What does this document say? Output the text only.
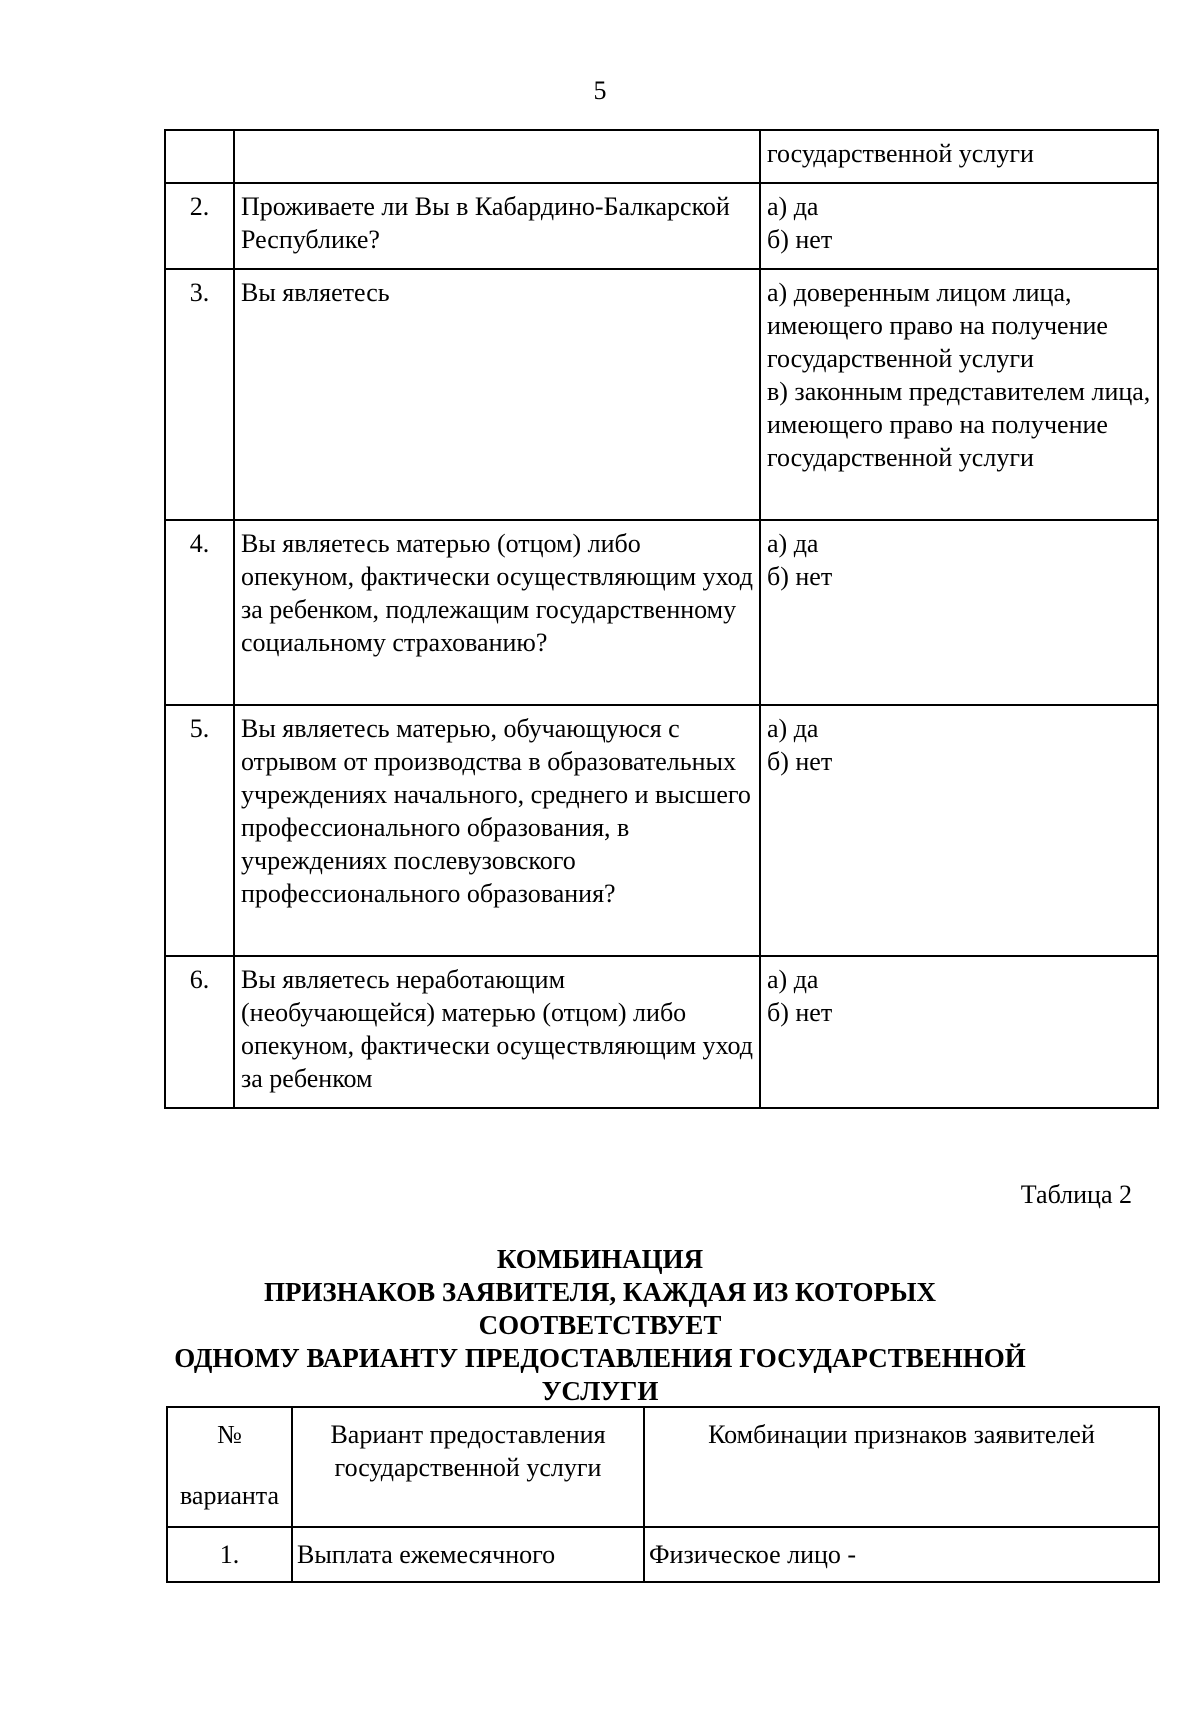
5

		государственной услуги

2.	Проживаете ли Вы в Кабардино-Балкарской Республике?	а) да
б) нет

3.	Вы являетесь	а) доверенным лицом лица, имеющего право на получение государственной услуги
в) законным представителем лица, имеющего право на получение государственной услуги

4.	Вы являетесь матерью (отцом) либо опекуном, фактически осуществляющим уход за ребенком, подлежащим государственному социальному страхованию?	а) да
б) нет

5.	Вы являетесь матерью, обучающуюся с отрывом от производства в образовательных учреждениях начального, среднего и высшего профессионального образования, в учреждениях послевузовского профессионального образования?	а) да
б) нет

6.	Вы являетесь неработающим (необучающейся) матерью (отцом) либо опекуном, фактически осуществляющим уход за ребенком	а) да
б) нет
Таблица 2
КОМБИНАЦИЯ
ПРИЗНАКОВ ЗАЯВИТЕЛЯ, КАЖДАЯ ИЗ КОТОРЫХ СООТВЕТСТВУЕТ
ОДНОМУ ВАРИАНТУ ПРЕДОСТАВЛЕНИЯ ГОСУДАРСТВЕННОЙ
УСЛУГИ
№
варианта	Вариант предоставления государственной услуги	Комбинации признаков заявителей
1.	Выплата ежемесячного	Физическое лицо -
